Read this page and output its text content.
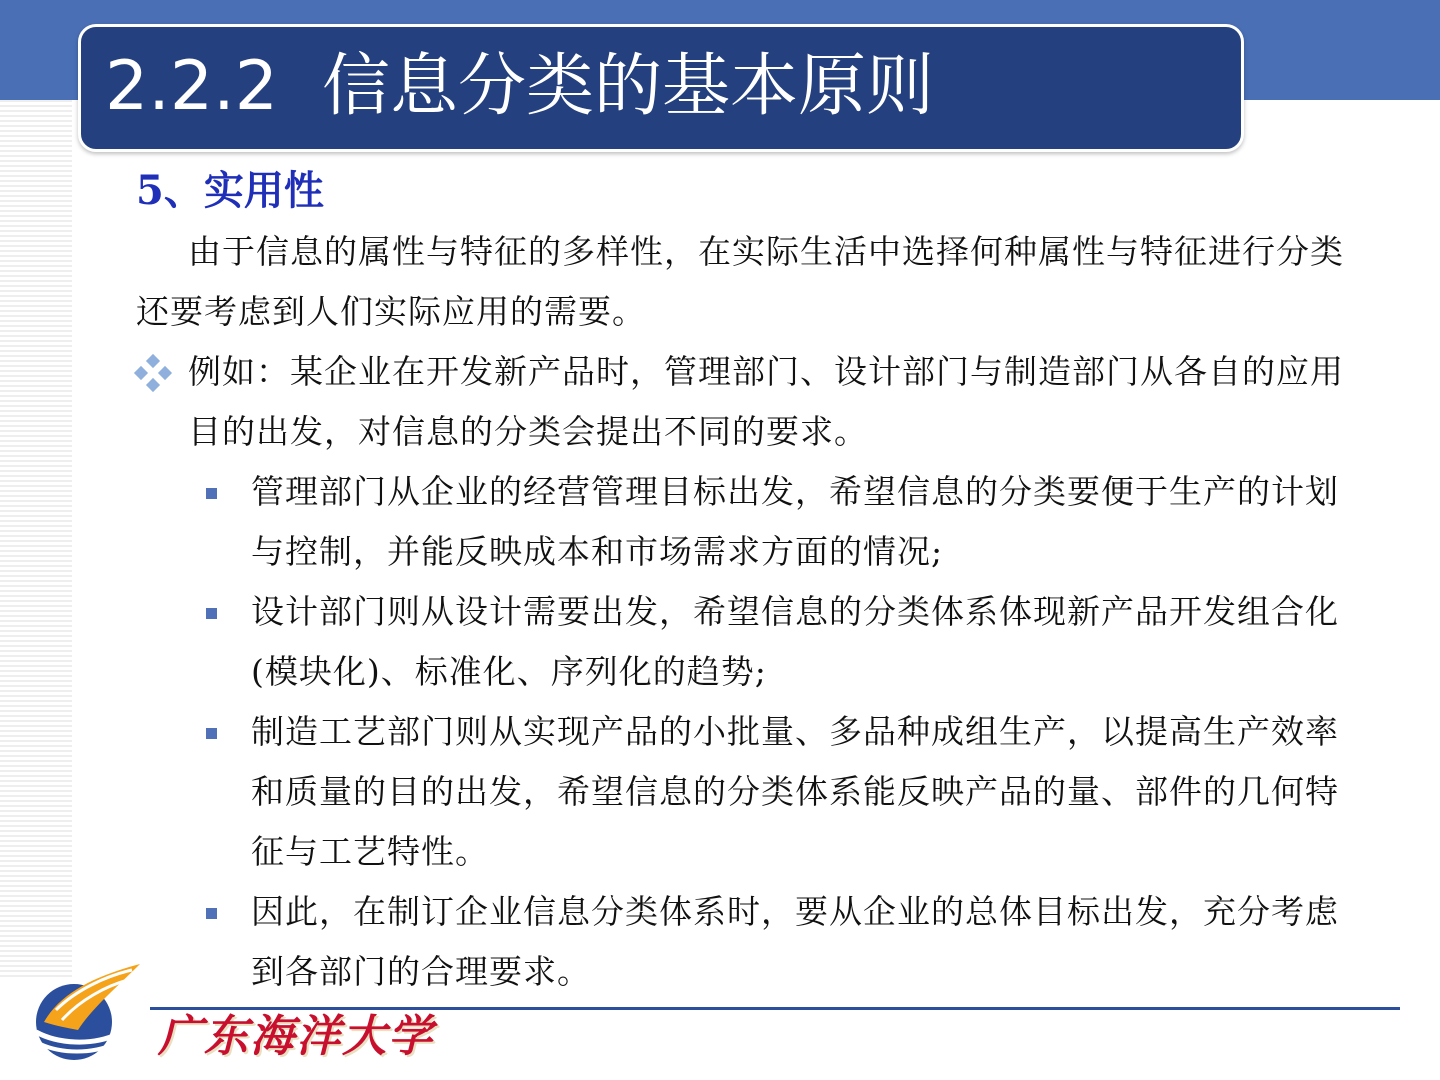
2.2.2 信息分类的基本原则
5、实用性
由于信息的属性与特征的多样性，在实际生活中选择何种属性与特征进行分类还要考虑到人们实际应用的需要。
例如：某企业在开发新产品时，管理部门、设计部门与制造部门从各自的应用目的出发，对信息的分类会提出不同的要求。
管理部门从企业的经营管理目标出发，希望信息的分类要便于生产的计划与控制，并能反映成本和市场需求方面的情况;
设计部门则从设计需要出发，希望信息的分类体系体现新产品开发组合化(模块化)、标准化、序列化的趋势;
制造工艺部门则从实现产品的小批量、多品种成组生产，以提高生产效率和质量的目的出发，希望信息的分类体系能反映产品的量、部件的几何特征与工艺特性。
因此，在制订企业信息分类体系时，要从企业的总体目标出发，充分考虑到各部门的合理要求。
广东海洋大学
